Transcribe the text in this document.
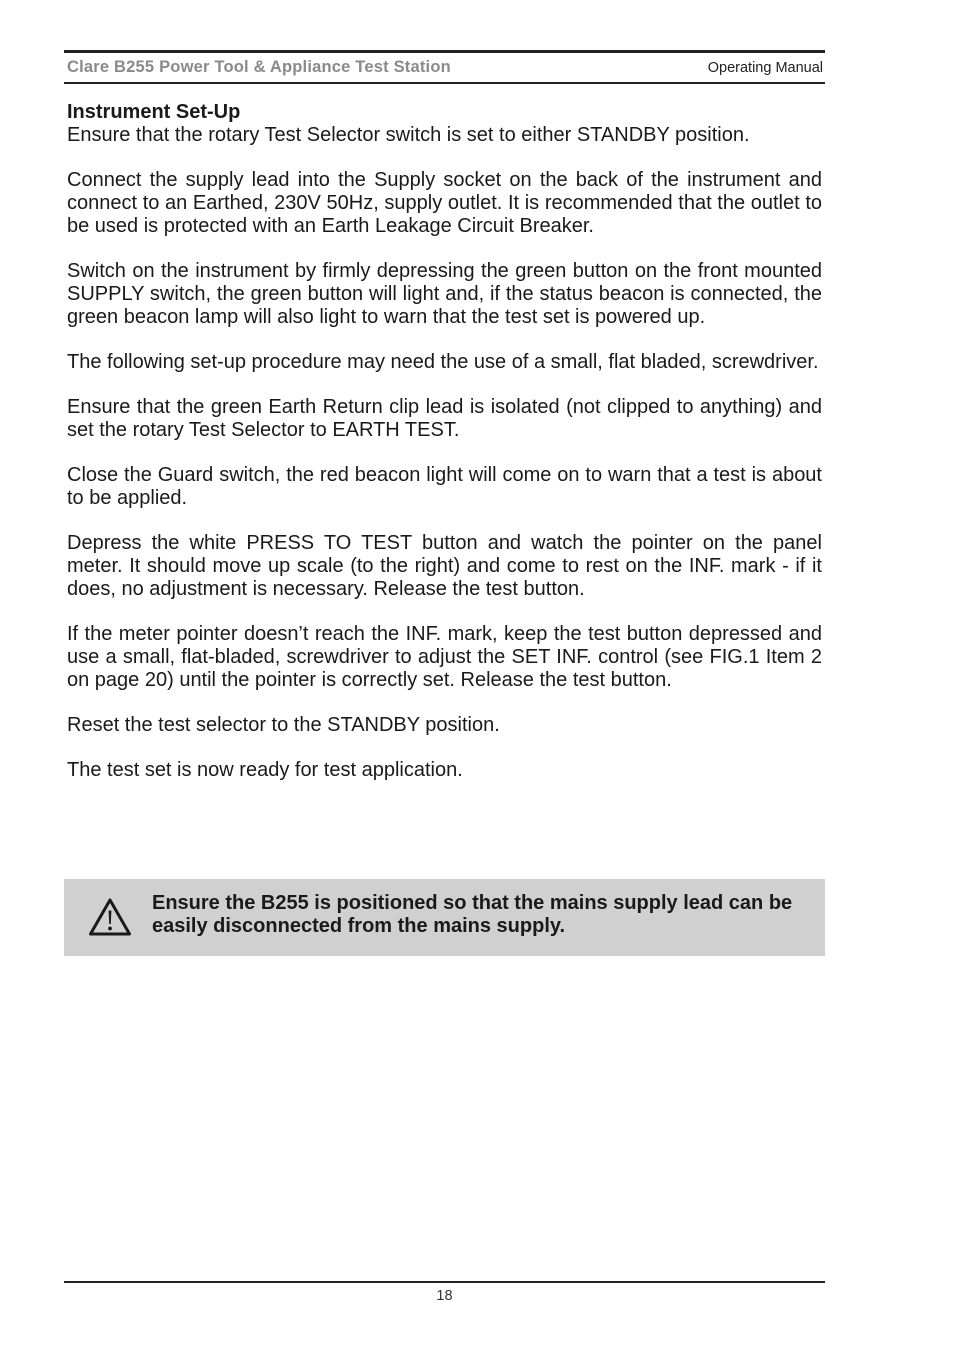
Clare B255 Power Tool & Appliance Test Station	Operating Manual
Instrument Set-Up

Ensure that the rotary Test Selector switch is set to either STANDBY position.

Connect the supply lead into the Supply socket on the back of the instrument and connect to an Earthed, 230V 50Hz, supply outlet. It is recommended that the outlet to be used is protected with an Earth Leakage Circuit Breaker.

Switch on the instrument by firmly depressing the green button on the front mounted SUPPLY switch, the green button will light and, if the status beacon is connected, the green beacon lamp will also light to warn that the test set is powered up.

The following set-up procedure may need the use of a small, flat bladed, screwdriver.

Ensure that the green Earth Return clip lead is isolated (not clipped to anything) and set the rotary Test Selector to EARTH TEST.

Close the Guard switch, the red beacon light will come on to warn that a test is about to be applied.

Depress the white PRESS TO TEST button and watch the pointer on the panel meter. It should move up scale (to the right) and come to rest on the INF. mark - if it does, no adjustment is necessary. Release the test button.

If the meter pointer doesn’t reach the INF. mark, keep the test button depressed and use a small, flat-bladed, screwdriver to adjust the SET INF. control (see FIG.1 Item 2 on page 20) until the pointer is correctly set. Release the test button.

Reset the test selector to the STANDBY position.

The test set is now ready for test application.

Ensure the B255 is positioned so that the mains supply lead can be easily disconnected from the mains supply.
18
